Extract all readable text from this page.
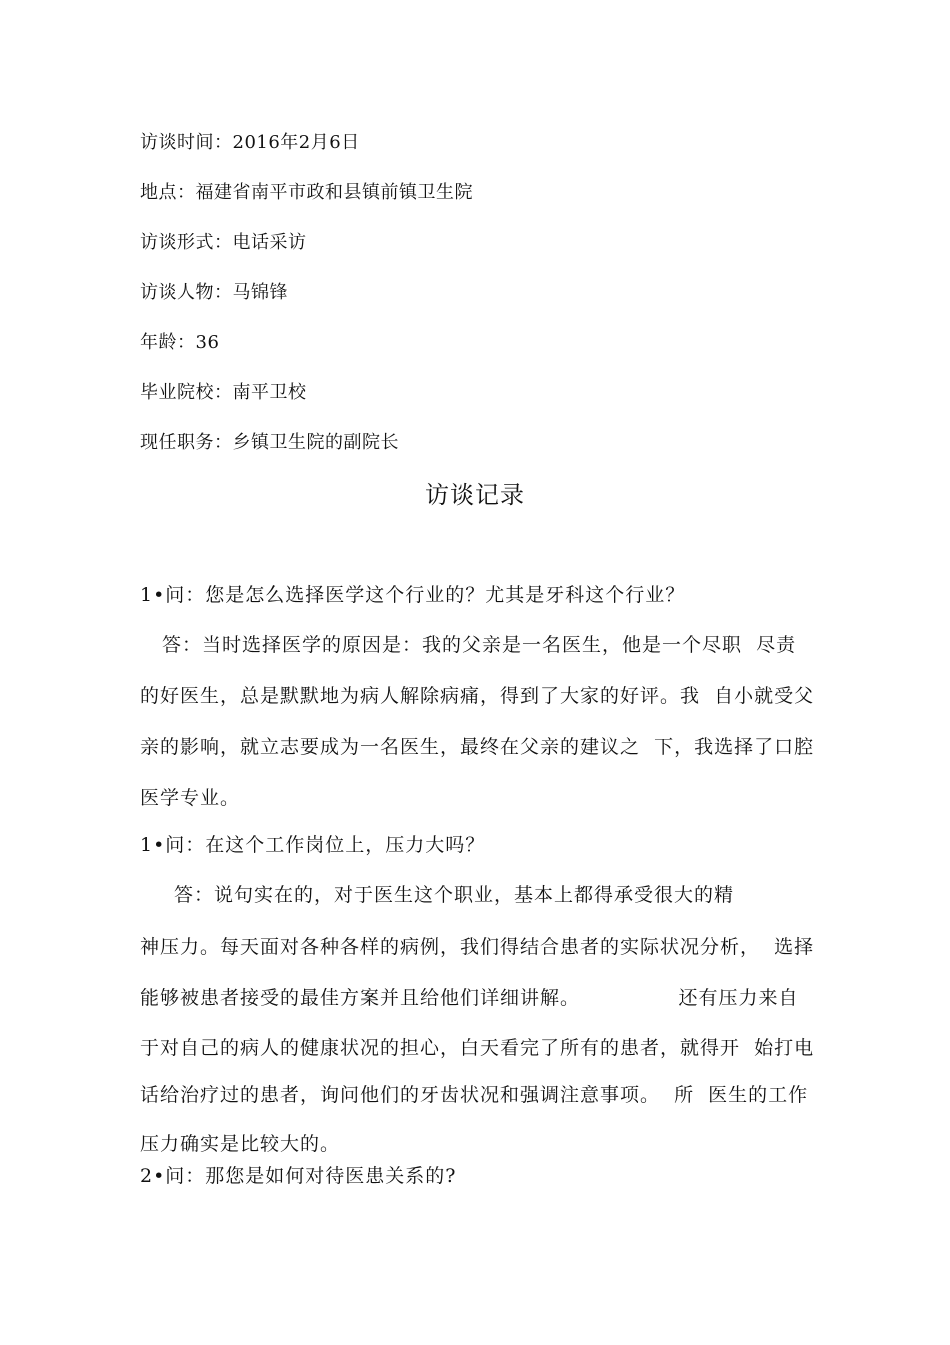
访谈时间：2016年2月6日
地点：福建省南平市政和县镇前镇卫生院
访谈形式：电话采访
访谈人物：马锦锋
年龄：36
毕业院校：南平卫校
现任职务：乡镇卫生院的副院长
访谈记录
1•问：您是怎么选择医学这个行业的？尤其是牙科这个行业？
答：当时选择医学的原因是：我的父亲是一名医生，他是一个尽职  尽责
的好医生，总是默默地为病人解除病痛，得到了大家的好评。我  自小就受父
亲的影响，就立志要成为一名医生，最终在父亲的建议之  下，我选择了口腔
医学专业。
1•问：在这个工作岗位上，压力大吗？
答：说句实在的，对于医生这个职业，基本上都得承受很大的精
神压力。每天面对各种各样的病例，我们得结合患者的实际状况分析，  选择
能够被患者接受的最佳方案并且给他们详细讲解。              还有压力来自
于对自己的病人的健康状况的担心，白天看完了所有的患者，就得开  始打电
话给治疗过的患者，询问他们的牙齿状况和强调注意事项。  所  医生的工作
压力确实是比较大的。
2•问：那您是如何对待医患关系的?
